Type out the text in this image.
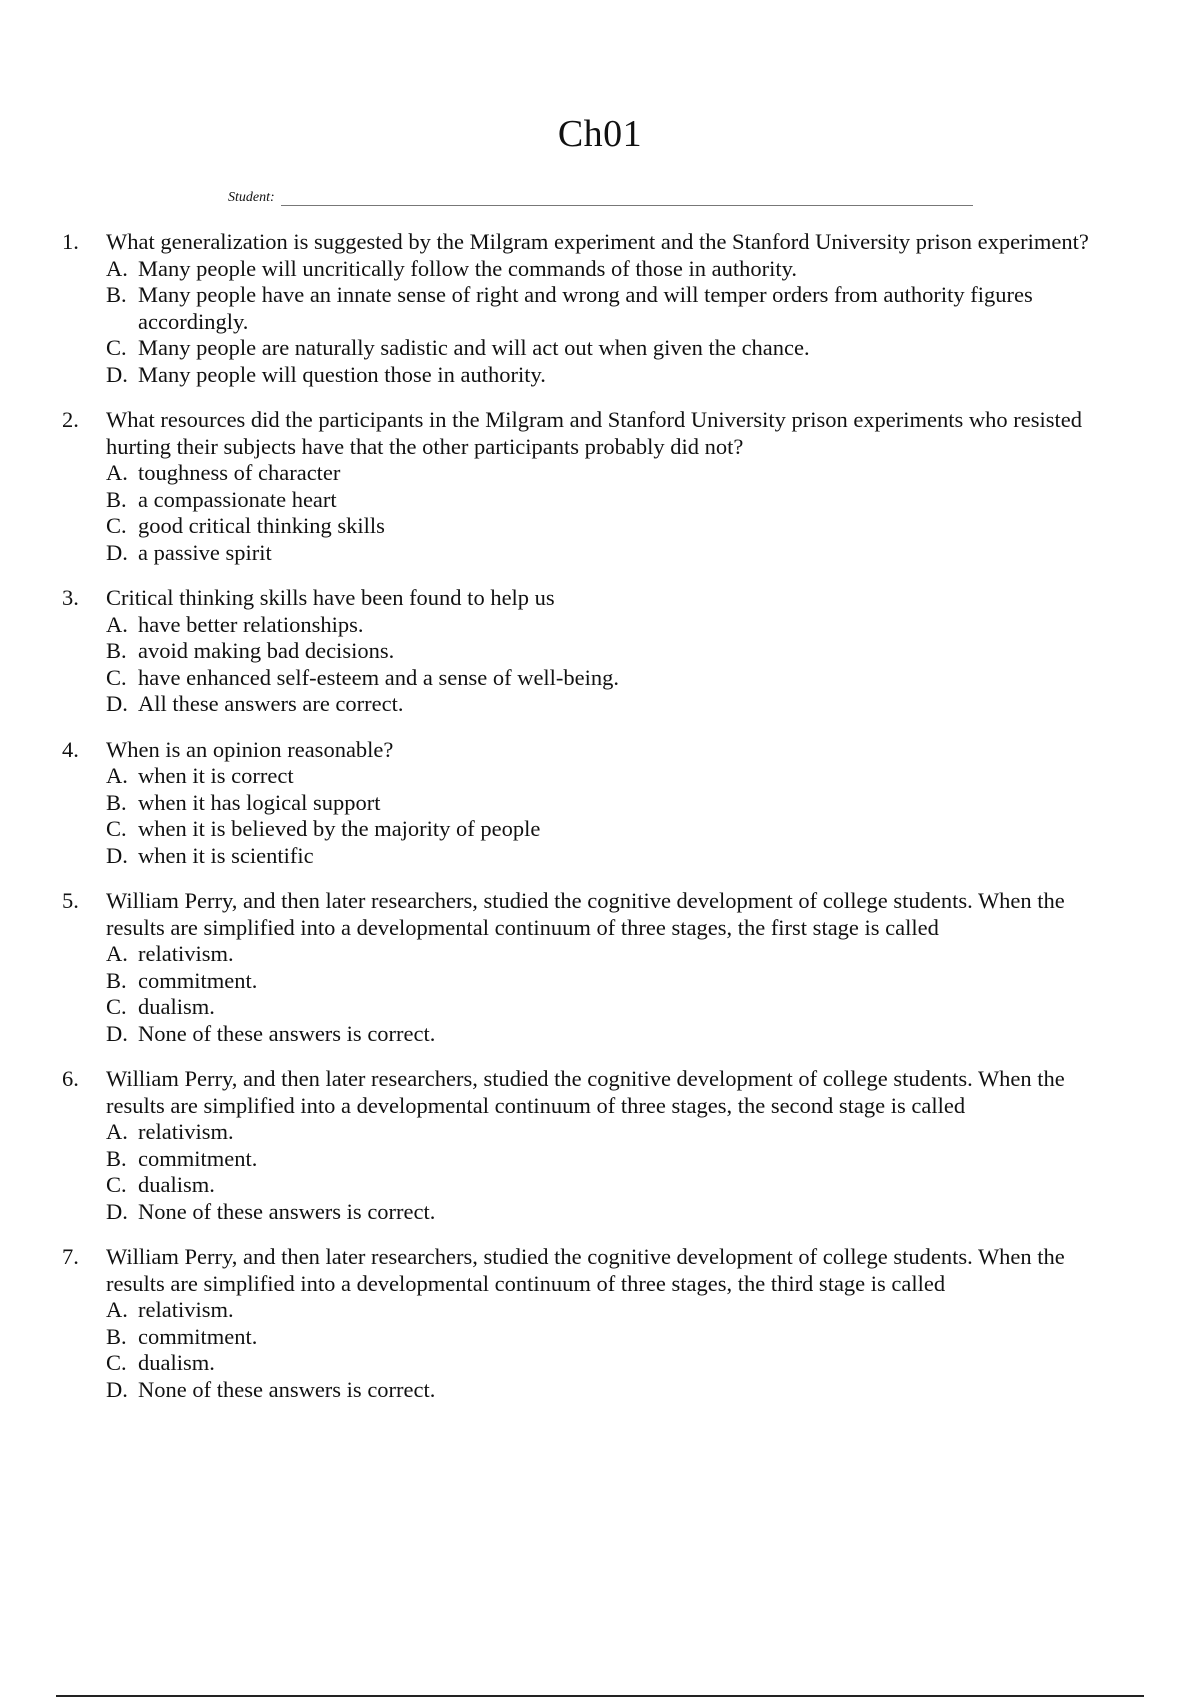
Ch01
Student:
1. What generalization is suggested by the Milgram experiment and the Stanford University prison experiment?
A. Many people will uncritically follow the commands of those in authority.
B. Many people have an innate sense of right and wrong and will temper orders from authority figures accordingly.
C. Many people are naturally sadistic and will act out when given the chance.
D. Many people will question those in authority.
2. What resources did the participants in the Milgram and Stanford University prison experiments who resisted hurting their subjects have that the other participants probably did not?
A. toughness of character
B. a compassionate heart
C. good critical thinking skills
D. a passive spirit
3. Critical thinking skills have been found to help us
A. have better relationships.
B. avoid making bad decisions.
C. have enhanced self-esteem and a sense of well-being.
D. All these answers are correct.
4. When is an opinion reasonable?
A. when it is correct
B. when it has logical support
C. when it is believed by the majority of people
D. when it is scientific
5. William Perry, and then later researchers, studied the cognitive development of college students. When the results are simplified into a developmental continuum of three stages, the first stage is called
A. relativism.
B. commitment.
C. dualism.
D. None of these answers is correct.
6. William Perry, and then later researchers, studied the cognitive development of college students. When the results are simplified into a developmental continuum of three stages, the second stage is called
A. relativism.
B. commitment.
C. dualism.
D. None of these answers is correct.
7. William Perry, and then later researchers, studied the cognitive development of college students. When the results are simplified into a developmental continuum of three stages, the third stage is called
A. relativism.
B. commitment.
C. dualism.
D. None of these answers is correct.
